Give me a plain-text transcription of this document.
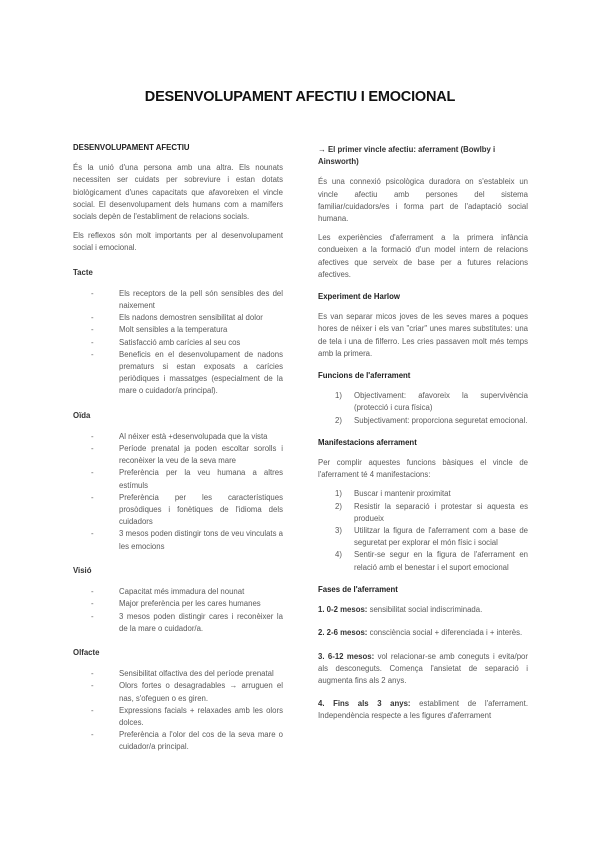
DESENVOLUPAMENT AFECTIU I EMOCIONAL

DESENVOLUPAMENT AFECTIU

És la unió d'una persona amb una altra. Els nounats necessiten ser cuidats per sobreviure i estan dotats biològicament d'unes capacitats que afavoreixen el vincle social. El desenvolupament dels humans com a mamífers socials depèn de l'establiment de relacions socials.

Els reflexos són molt importants per al desenvolupament social i emocional.

Tacte

-	Els receptors de la pell són sensibles des del naixement
-	Els nadons demostren sensibilitat al dolor
-	Molt sensibles a la temperatura
-	Satisfacció amb carícies al seu cos
-	Beneficis en el desenvolupament de nadons prematurs si estan exposats a carícies periòdiques i massatges (especialment de la mare o cuidador/a principal).

Oïda

-	Al néixer està +desenvolupada que la vista
-	Període prenatal ja poden escoltar sorolls i reconèixer la veu de la seva mare
-	Preferència per la veu humana a altres estímuls
-	Preferència per les característiques prosòdiques i fonètiques de l'idioma dels cuidadors
-	3 mesos poden distingir tons de veu vinculats a les emocions

Visió

-	Capacitat més immadura del nounat
-	Major preferència per les cares humanes
-	3 mesos poden distingir cares i reconèixer la de la mare o cuidador/a.

Olfacte

-	Sensibilitat olfactiva des del període prenatal
-	Olors fortes o desagradables → arruguen el nas, s'ofeguen o es giren.
-	Expressions facials + relaxades amb les olors dolces.
-	Preferència a l'olor del cos de la seva mare o cuidador/a principal.

→ El primer vincle afectiu: aferrament (Bowlby i Ainsworth)

És una connexió psicològica duradora on s'estableix un vincle afectiu amb persones del sistema familiar/cuidadors/es i forma part de l'adaptació social humana.

Les experiències d'aferrament a la primera infància condueixen a la formació d'un model intern de relacions afectives que serveix de base per a futures relacions afectives.

Experiment de Harlow

Es van separar micos joves de les seves mares a poques hores de néixer i els van "criar" unes mares substitutes: una de tela i una de filferro. Les cries passaven molt més temps amb la primera.

Funcions de l'aferrament

1) Objectivament: afavoreix la supervivència (protecció i cura física)
2) Subjectivament: proporciona seguretat emocional.

Manifestacions aferrament

Per complir aquestes funcions bàsiques el vincle de l'aferrament té 4 manifestacions:

1) Buscar i mantenir proximitat
2) Resistir la separació i protestar si aquesta es produeix
3) Utilitzar la figura de l'aferrament com a base de seguretat per explorar el món físic i social
4) Sentir-se segur en la figura de l'aferrament en relació amb el benestar i el suport emocional

Fases de l'aferrament

1. 0-2 mesos: sensibilitat social indiscriminada.

2. 2-6 mesos: consciència social + diferenciada i + interès.

3. 6-12 mesos: vol relacionar-se amb coneguts i evita/por als desconeguts. Comença l'ansietat de separació i augmenta fins als 2 anys.

4. Fins als 3 anys: establiment de l'aferrament. Independència respecte a les figures d'aferrament
